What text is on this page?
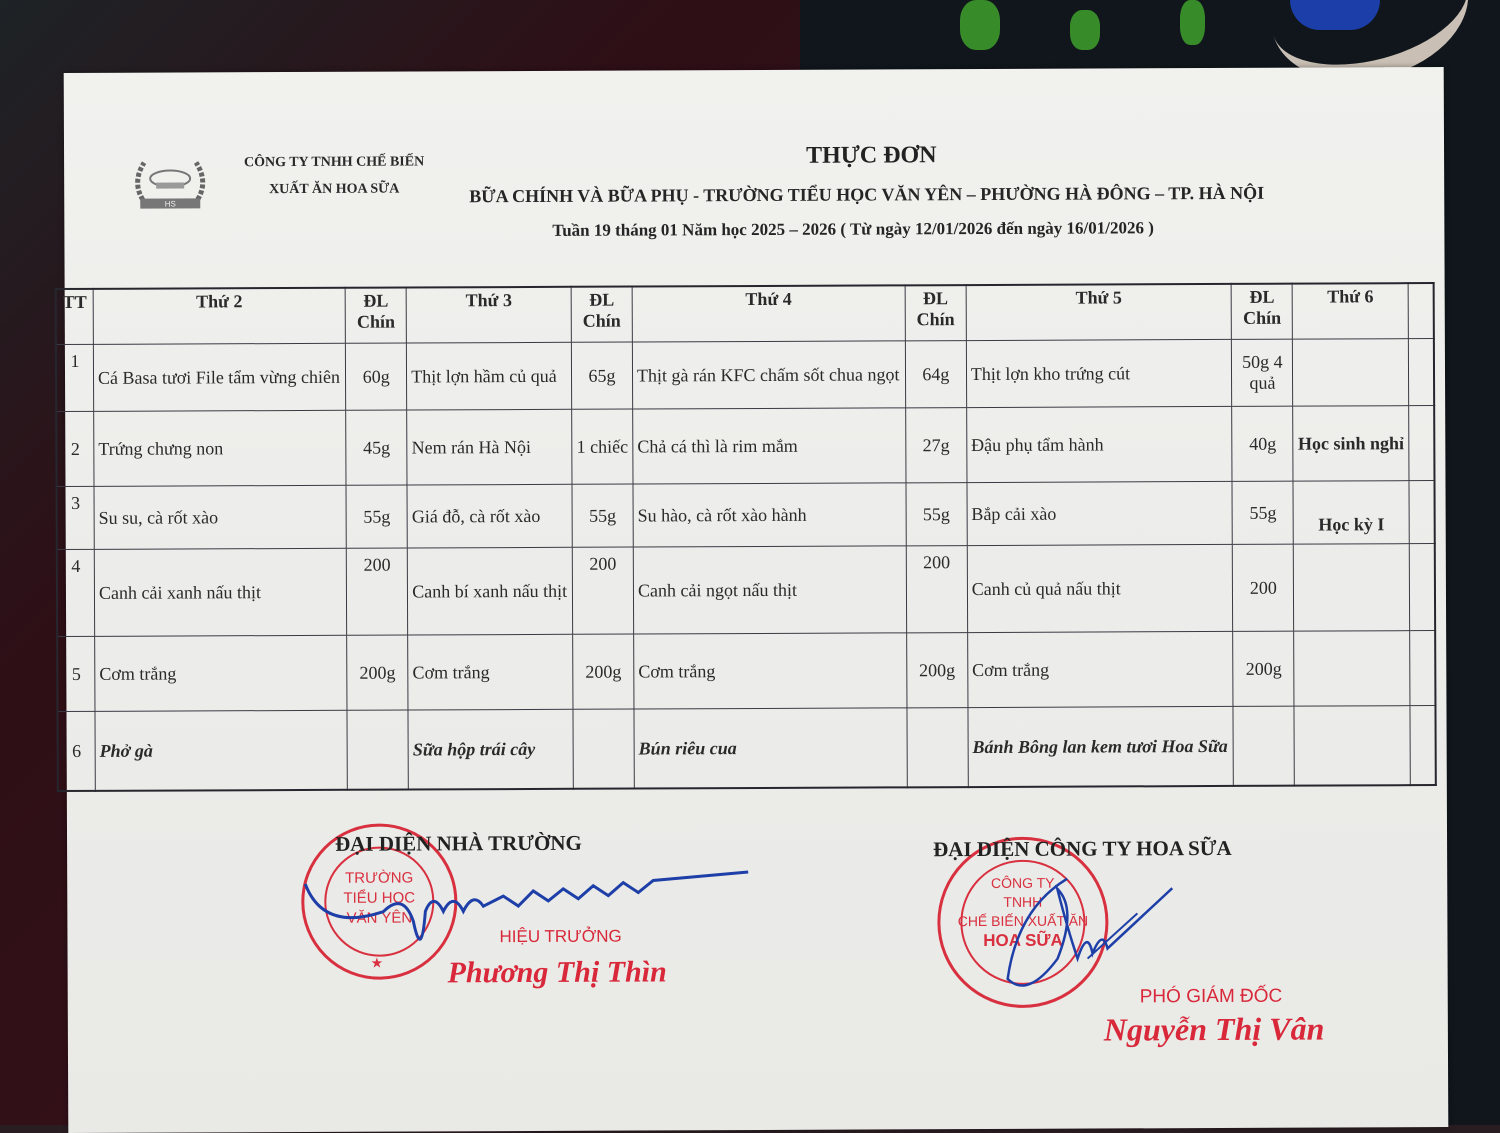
HS
CÔNG TY TNHH CHẾ BIẾN
XUẤT ĂN HOA SỮA
THỰC ĐƠN
BỮA CHÍNH VÀ BỮA PHỤ - TRƯỜNG TIỂU HỌC VĂN YÊN – PHƯỜNG HÀ ĐÔNG – TP. HÀ NỘI
Tuần 19 tháng 01 Năm học 2025 – 2026 ( Từ ngày 12/01/2026 đến ngày 16/01/2026 )
TT	Thứ 2	ĐL Chín	Thứ 3	ĐL Chín	Thứ 4	ĐL Chín	Thứ 5	ĐL Chín	Thứ 6	
1	Cá Basa tươi File tẩm vừng chiên	60g	Thịt lợn hầm củ quả	65g	Thịt gà rán KFC chấm sốt chua ngọt	64g	Thịt lợn kho trứng cút	50g 4 quả		
2	Trứng chưng non	45g	Nem rán Hà Nội	1 chiếc	Chả cá thì là rim mắm	27g	Đậu phụ tẩm hành	40g	Học sinh nghỉ	
3	Su su, cà rốt xào	55g	Giá đỗ, cà rốt xào	55g	Su hào, cà rốt xào hành	55g	Bắp cải xào	55g	Học kỳ I	
4	Canh cải xanh nấu thịt	200	Canh bí xanh nấu thịt	200	Canh cải ngọt nấu thịt	200	Canh củ quả nấu thịt	200		
5	Cơm trắng	200g	Cơm trắng	200g	Cơm trắng	200g	Cơm trắng	200g		
6	Phở gà		Sữa hộp trái cây		Bún riêu cua		Bánh Bông lan kem tươi Hoa Sữa			
TRƯỜNG
TIỂU HỌC
VĂN YÊN
★
ĐẠI DIỆN NHÀ TRƯỜNG
HIỆU TRƯỞNG
Phương Thị Thìn
CÔNG TY
TNHH
CHẾ BIẾN XUẤT ĂN
HOA SỮA
ĐẠI DIỆN CÔNG TY HOA SỮA
PHÓ GIÁM ĐỐC
Nguyễn Thị Vân
